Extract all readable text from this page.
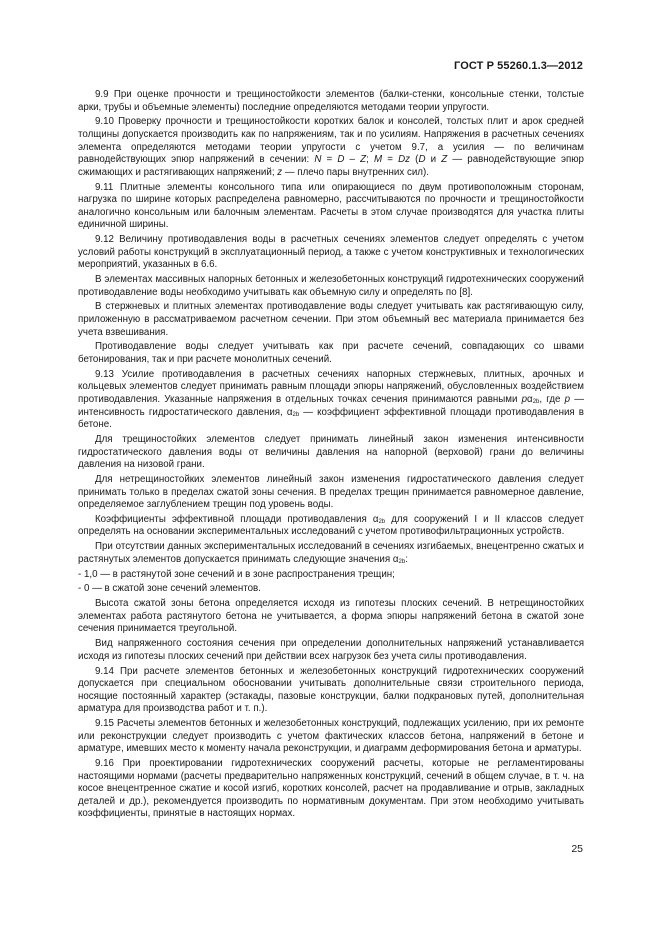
ГОСТ Р 55260.1.3—2012

9.9 При оценке прочности и трещиностойкости элементов (балки-стенки, консольные стенки, толстые арки, трубы и объемные элементы) последние определяются методами теории упругости.

9.10 Проверку прочности и трещиностойкости коротких балок и консолей, толстых плит и арок средней толщины допускается производить как по напряжениям, так и по усилиям. Напряжения в расчетных сечениях элемента определяются методами теории упругости с учетом 9.7, а усилия — по величинам равнодействующих эпюр напряжений в сечении: N = D – Z; M = Dz (D и Z — равнодействующие эпюр сжимающих и растягивающих напряжений; z — плечо пары внутренних сил).

9.11 Плитные элементы консольного типа или опирающиеся по двум противоположным сторонам, нагрузка по ширине которых распределена равномерно, рассчитываются по прочности и трещиностойкости аналогично консольным или балочным элементам. Расчеты в этом случае производятся для участка плиты единичной ширины.

9.12 Величину противодавления воды в расчетных сечениях элементов следует определять с учетом условий работы конструкций в эксплуатационный период, а также с учетом конструктивных и технологических мероприятий, указанных в 6.6.

В элементах массивных напорных бетонных и железобетонных конструкций гидротехнических сооружений противодавление воды необходимо учитывать как объемную силу и определять по [8].

В стержневых и плитных элементах противодавление воды следует учитывать как растягивающую силу, приложенную в рассматриваемом расчетном сечении. При этом объемный вес материала принимается без учета взвешивания.

Противодавление воды следует учитывать как при расчете сечений, совпадающих со швами бетонирования, так и при расчете монолитных сечений.

9.13 Усилие противодавления в расчетных сечениях напорных стержневых, плитных, арочных и кольцевых элементов следует принимать равным площади эпюры напряжений, обусловленных воздействием противодавления. Указанные напряжения в отдельных точках сечения принимаются равными $p\alpha_{2b}$, где p — интенсивность гидростатического давления, $\alpha_{2b}$ — коэффициент эффективной площади противодавления в бетоне.

Для трещиностойких элементов следует принимать линейный закон изменения интенсивности гидростатического давления воды от величины давления на напорной (верховой) грани до величины давления на низовой грани.

Для нетрещиностойких элементов линейный закон изменения гидростатического давления следует принимать только в пределах сжатой зоны сечения. В пределах трещин принимается равномерное давление, определяемое заглублением трещин под уровень воды.

Коэффициенты эффективной площади противодавления $\alpha_{2b}$ для сооружений I и II классов следует определять на основании экспериментальных исследований с учетом противофильтрационных устройств.

При отсутствии данных экспериментальных исследований в сечениях изгибаемых, внецентренно сжатых и растянутых элементов допускается принимать следующие значения $\alpha_{2b}$:

- 1,0 — в растянутой зоне сечений и в зоне распространения трещин;

- 0 — в сжатой зоне сечений элементов.

Высота сжатой зоны бетона определяется исходя из гипотезы плоских сечений. В нетрещиностойких элементах работа растянутого бетона не учитывается, а форма эпюры напряжений бетона в сжатой зоне сечения принимается треугольной.

Вид напряженного состояния сечения при определении дополнительных напряжений устанавливается исходя из гипотезы плоских сечений при действии всех нагрузок без учета силы противодавления.

9.14 При расчете элементов бетонных и железобетонных конструкций гидротехнических сооружений допускается при специальном обосновании учитывать дополнительные связи строительного периода, носящие постоянный характер (эстакады, пазовые конструкции, балки подкрановых путей, дополнительная арматура для производства работ и т. п.).

9.15 Расчеты элементов бетонных и железобетонных конструкций, подлежащих усилению, при их ремонте или реконструкции следует производить с учетом фактических классов бетона, напряжений в бетоне и арматуре, имевших место к моменту начала реконструкции, и диаграмм деформирования бетона и арматуры.

9.16 При проектировании гидротехнических сооружений расчеты, которые не регламентированы настоящими нормами (расчеты предварительно напряженных конструкций, сечений в общем случае, в т. ч. на косое внецентренное сжатие и косой изгиб, коротких консолей, расчет на продавливание и отрыв, закладных деталей и др.), рекомендуется производить по нормативным документам. При этом необходимо учитывать коэффициенты, принятые в настоящих нормах.

25
